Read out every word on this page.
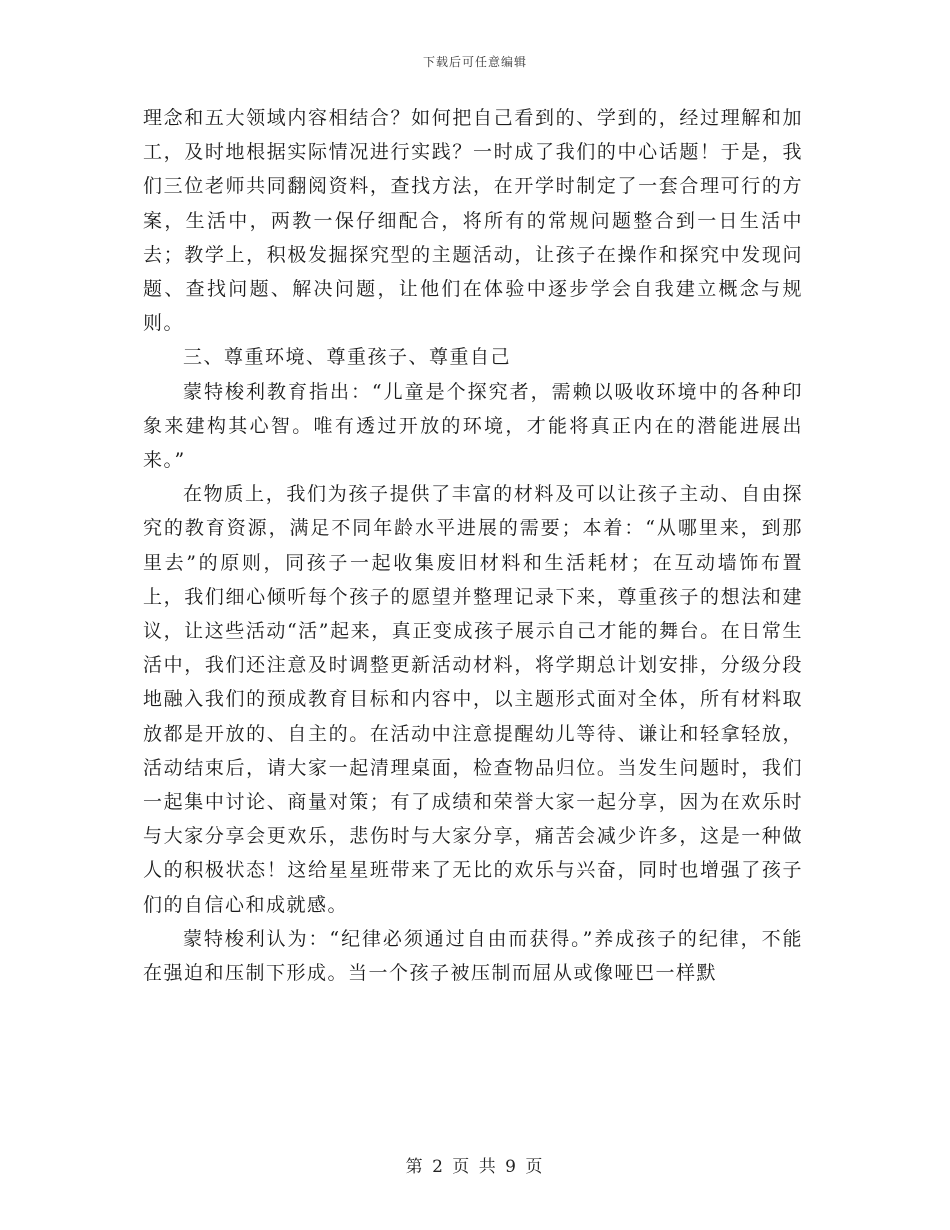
下载后可任意编辑

理念和五大领域内容相结合？如何把自己看到的、学到的，经过理解和加工，及时地根据实际情况进行实践？一时成了我们的中心话题！于是，我们三位老师共同翻阅资料，查找方法，在开学时制定了一套合理可行的方案，生活中，两教一保仔细配合，将所有的常规问题整合到一日生活中去；教学上，积极发掘探究型的主题活动，让孩子在操作和探究中发现问题、查找问题、解决问题，让他们在体验中逐步学会自我建立概念与规则。

三、尊重环境、尊重孩子、尊重自己

蒙特梭利教育指出：“儿童是个探究者，需赖以吸收环境中的各种印象来建构其心智。唯有透过开放的环境，才能将真正内在的潜能进展出来。”

在物质上，我们为孩子提供了丰富的材料及可以让孩子主动、自由探究的教育资源，满足不同年龄水平进展的需要；本着：“从哪里来，到那里去”的原则，同孩子一起收集废旧材料和生活耗材；在互动墙饰布置上，我们细心倾听每个孩子的愿望并整理记录下来，尊重孩子的想法和建议，让这些活动“活”起来，真正变成孩子展示自己才能的舞台。在日常生活中，我们还注意及时调整更新活动材料，将学期总计划安排，分级分段地融入我们的预成教育目标和内容中，以主题形式面对全体，所有材料取放都是开放的、自主的。在活动中注意提醒幼儿等待、谦让和轻拿轻放，活动结束后，请大家一起清理桌面，检查物品归位。当发生问题时，我们一起集中讨论、商量对策；有了成绩和荣誉大家一起分享，因为在欢乐时与大家分享会更欢乐，悲伤时与大家分享，痛苦会减少许多，这是一种做人的积极状态！这给星星班带来了无比的欢乐与兴奋，同时也增强了孩子们的自信心和成就感。

蒙特梭利认为：“纪律必须通过自由而获得。”养成孩子的纪律，不能在强迫和压制下形成。当一个孩子被压制而屈从或像哑巴一样默

第 2 页 共 9 页
